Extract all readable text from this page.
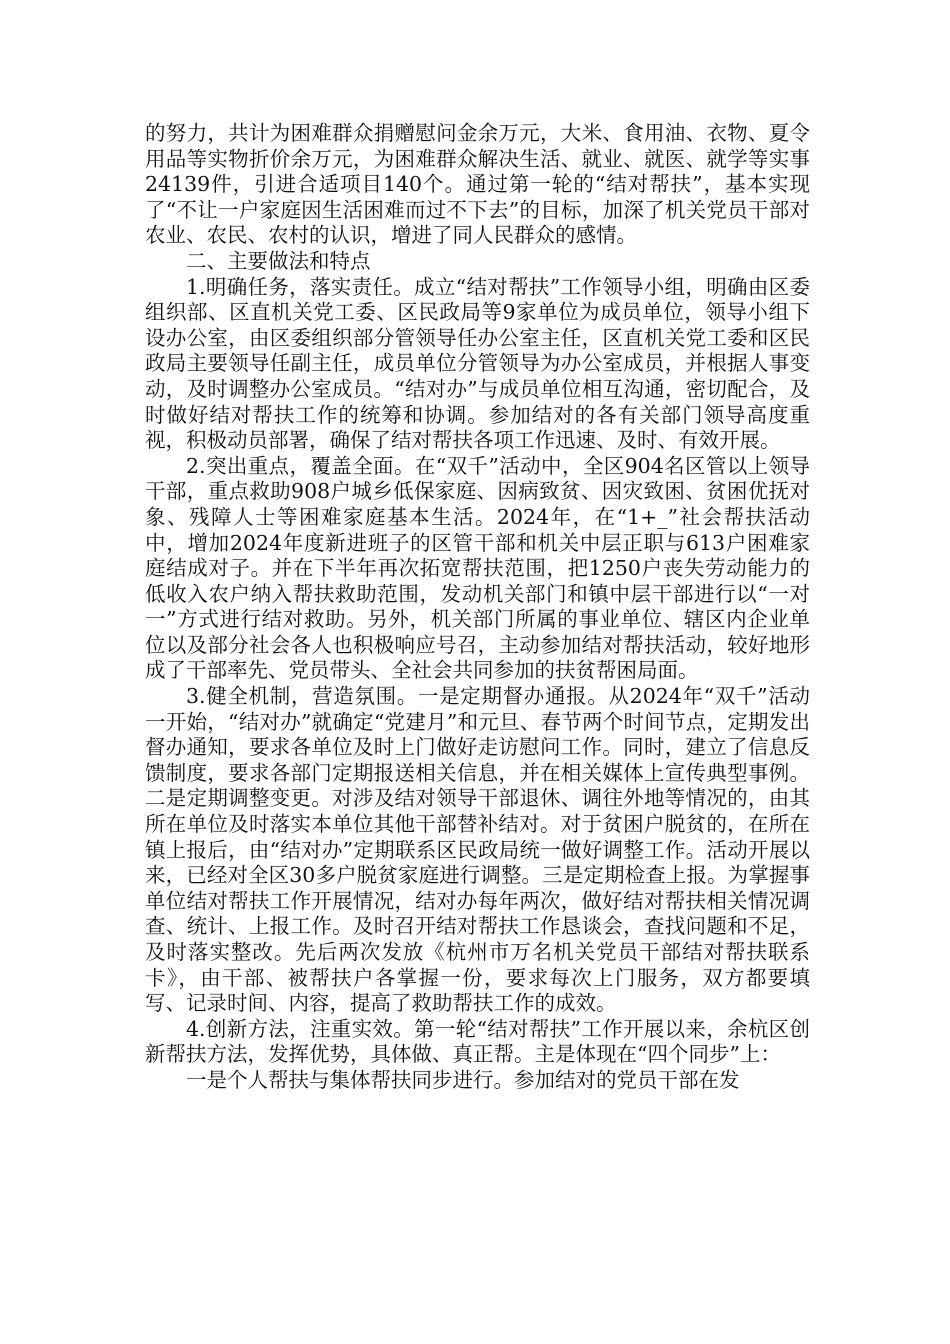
的努力，共计为困难群众捐赠慰问金余万元，大米、食用油、衣物、夏令用品等实物折价余万元，为困难群众解决生活、就业、就医、就学等实事24139件，引进合适项目140个。通过第一轮的“结对帮扶”，基本实现了“不让一户家庭因生活困难而过不下去”的目标，加深了机关党员干部对农业、农民、农村的认识，增进了同人民群众的感情。

二、主要做法和特点

1.明确任务，落实责任。成立“结对帮扶”工作领导小组，明确由区委组织部、区直机关党工委、区民政局等9家单位为成员单位，领导小组下设办公室，由区委组织部分管领导任办公室主任，区直机关党工委和区民政局主要领导任副主任，成员单位分管领导为办公室成员，并根据人事变动，及时调整办公室成员。“结对办”与成员单位相互沟通，密切配合，及时做好结对帮扶工作的统筹和协调。参加结对的各有关部门领导高度重视，积极动员部署，确保了结对帮扶各项工作迅速、及时、有效开展。

2.突出重点，覆盖全面。在“双千”活动中，全区904名区管以上领导干部，重点救助908户城乡低保家庭、因病致贫、因灾致困、贫困优抚对象、残障人士等困难家庭基本生活。2024年，在“1+_”社会帮扶活动中，增加2024年度新进班子的区管干部和机关中层正职与613户困难家庭结成对子。并在下半年再次拓宽帮扶范围，把1250户丧失劳动能力的低收入农户纳入帮扶救助范围，发动机关部门和镇中层干部进行以“一对一”方式进行结对救助。另外，机关部门所属的事业单位、辖区内企业单位以及部分社会各人也积极响应号召，主动参加结对帮扶活动，较好地形成了干部率先、党员带头、全社会共同参加的扶贫帮困局面。

3.健全机制，营造氛围。一是定期督办通报。从2024年“双千”活动一开始，“结对办”就确定“党建月”和元旦、春节两个时间节点，定期发出督办通知，要求各单位及时上门做好走访慰问工作。同时，建立了信息反馈制度，要求各部门定期报送相关信息，并在相关媒体上宣传典型事例。二是定期调整变更。对涉及结对领导干部退休、调往外地等情况的，由其所在单位及时落实本单位其他干部替补结对。对于贫困户脱贫的，在所在镇上报后，由“结对办”定期联系区民政局统一做好调整工作。活动开展以来，已经对全区30多户脱贫家庭进行调整。三是定期检查上报。为掌握事单位结对帮扶工作开展情况，结对办每年两次，做好结对帮扶相关情况调查、统计、上报工作。及时召开结对帮扶工作恳谈会，查找问题和不足，及时落实整改。先后两次发放《杭州市万名机关党员干部结对帮扶联系卡》，由干部、被帮扶户各掌握一份，要求每次上门服务，双方都要填写、记录时间、内容，提高了救助帮扶工作的成效。

4.创新方法，注重实效。第一轮“结对帮扶”工作开展以来，余杭区创新帮扶方法，发挥优势，具体做、真正帮。主是体现在“四个同步”上：

一是个人帮扶与集体帮扶同步进行。参加结对的党员干部在发
